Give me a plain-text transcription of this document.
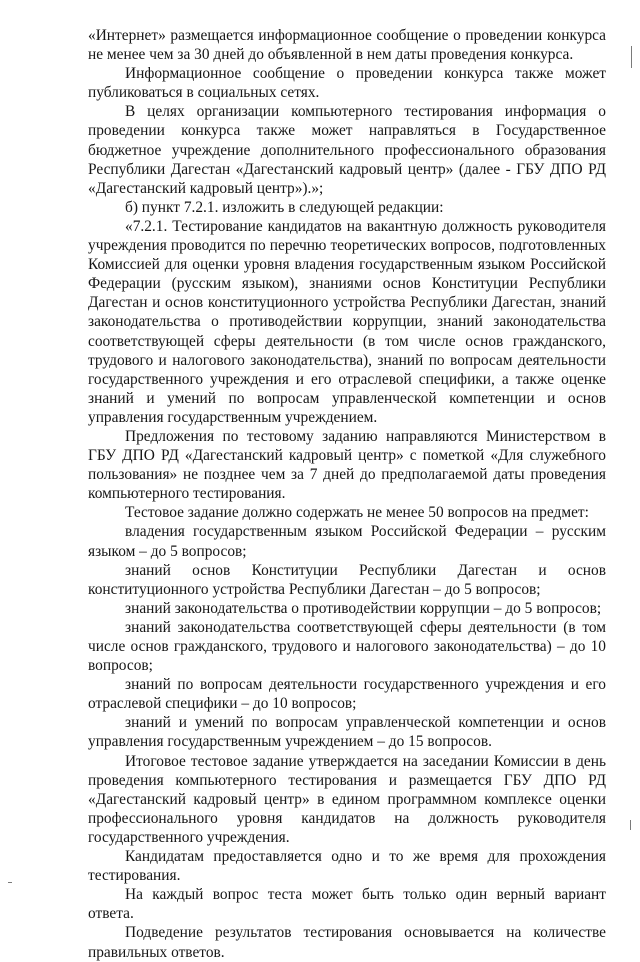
«Интернет» размещается информационное сообщение о проведении конкурса не менее чем за 30 дней до объявленной в нем даты проведения конкурса.

Информационное сообщение о проведении конкурса также может публиковаться в социальных сетях.

В целях организации компьютерного тестирования информация о проведении конкурса также может направляться в Государственное бюджетное учреждение дополнительного профессионального образования Республики Дагестан «Дагестанский кадровый центр» (далее - ГБУ ДПО РД «Дагестанский кадровый центр»).»;

б) пункт 7.2.1. изложить в следующей редакции:

«7.2.1. Тестирование кандидатов на вакантную должность руководителя учреждения проводится по перечню теоретических вопросов, подготовленных Комиссией для оценки уровня владения государственным языком Российской Федерации (русским языком), знаниями основ Конституции Республики Дагестан и основ конституционного устройства Республики Дагестан, знаний законодательства о противодействии коррупции, знаний законодательства соответствующей сферы деятельности (в том числе основ гражданского, трудового и налогового законодательства), знаний по вопросам деятельности государственного учреждения и его отраслевой специфики, а также оценке знаний и умений по вопросам управленческой компетенции и основ управления государственным учреждением.

Предложения по тестовому заданию направляются Министерством в ГБУ ДПО РД «Дагестанский кадровый центр» с пометкой «Для служебного пользования» не позднее чем за 7 дней до предполагаемой даты проведения компьютерного тестирования.

Тестовое задание должно содержать не менее 50 вопросов на предмет:

владения государственным языком Российской Федерации – русским языком – до 5 вопросов;

знаний основ Конституции Республики Дагестан и основ конституционного устройства Республики Дагестан – до 5 вопросов;

знаний законодательства о противодействии коррупции – до 5 вопросов;

знаний законодательства соответствующей сферы деятельности (в том числе основ гражданского, трудового и налогового законодательства) – до 10 вопросов;

знаний по вопросам деятельности государственного учреждения и его отраслевой специфики – до 10 вопросов;

знаний и умений по вопросам управленческой компетенции и основ управления государственным учреждением – до 15 вопросов.

Итоговое тестовое задание утверждается на заседании Комиссии в день проведения компьютерного тестирования и размещается ГБУ ДПО РД «Дагестанский кадровый центр» в едином программном комплексе оценки профессионального уровня кандидатов на должность руководителя государственного учреждения.

Кандидатам предоставляется одно и то же время для прохождения тестирования.

На каждый вопрос теста может быть только один верный вариант ответа.

Подведение результатов тестирования основывается на количестве правильных ответов.
